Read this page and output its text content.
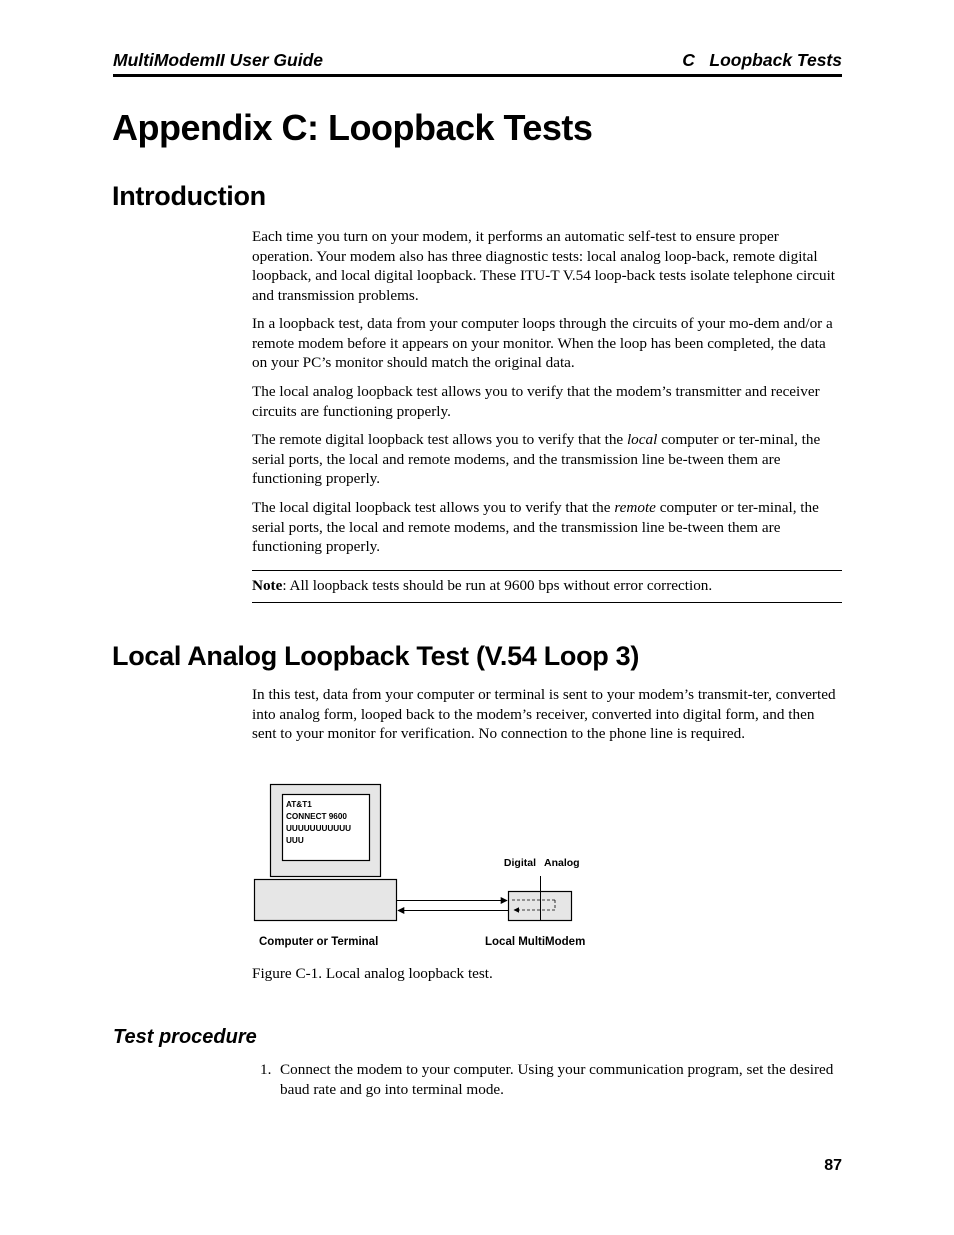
MultiModemII User Guide	C   Loopback Tests
Appendix C: Loopback Tests
Introduction

Each time you turn on your modem, it performs an automatic self-test to ensure proper operation. Your modem also has three diagnostic tests: local analog loop-back, remote digital loopback, and local digital loopback. These ITU-T V.54 loop-back tests isolate telephone circuit and transmission problems.

In a loopback test, data from your computer loops through the circuits of your mo-dem and/or a remote modem before it appears on your monitor. When the loop has been completed, the data on your PC’s monitor should match the original data.

The local analog loopback test allows you to verify that the modem’s transmitter and receiver circuits are functioning properly.

The remote digital loopback test allows you to verify that the local computer or ter-minal, the serial ports, the local and remote modems, and the transmission line be-tween them are functioning properly.

The local digital loopback test allows you to verify that the remote computer or ter-minal, the serial ports, the local and remote modems, and the transmission line be-tween them are functioning properly.

Note: All loopback tests should be run at 9600 bps without error correction.

Local Analog Loopback Test (V.54 Loop 3)

In this test, data from your computer or terminal is sent to your modem’s transmit-ter, converted into analog form, looped back to the modem’s receiver, converted into digital form, and then sent to your monitor for verification. No connection to the phone line is required.

AT&T1
CONNECT 9600
UUUUUUUUUUU
UUU
Digital Analog
Computer or Terminal	Local MultiModem
Figure C-1. Local analog loopback test.
Test procedure
1. Connect the modem to your computer. Using your communication program, set the desired baud rate and go into terminal mode.
87
